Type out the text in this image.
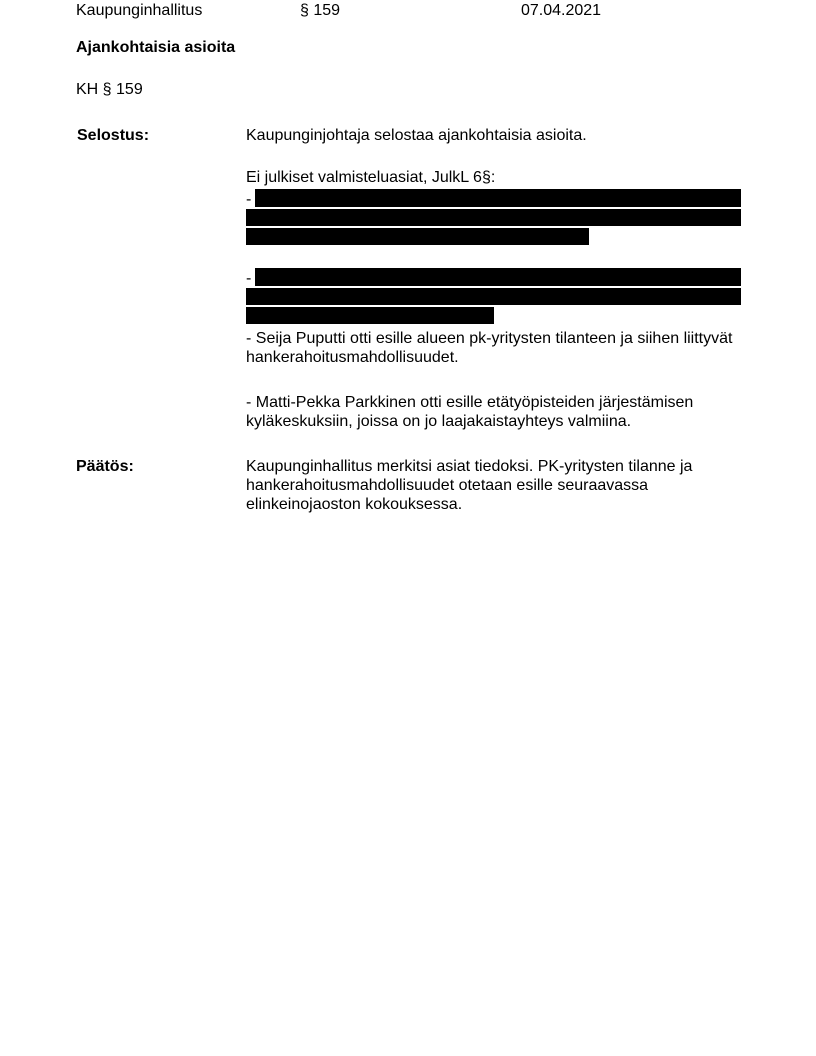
Kaupunginhallitus	§ 159	07.04.2021
Ajankohtaisia asioita
KH § 159
Selostus:	Kaupunginjohtaja selostaa ajankohtaisia asioita.
Ei julkiset valmisteluasiat, JulkL 6§:
-
-
- Seija Puputti otti esille alueen pk-yritysten tilanteen ja siihen liittyvät
hankerahoitusmahdollisuudet.
- Matti-Pekka Parkkinen otti esille etätyöpisteiden järjestämisen
kyläkeskuksiin, joissa on jo laajakaistayhteys valmiina.
Päätös:	Kaupunginhallitus merkitsi asiat tiedoksi. PK-yritysten tilanne ja
hankerahoitusmahdollisuudet otetaan esille seuraavassa
elinkeinojaoston kokouksessa.
